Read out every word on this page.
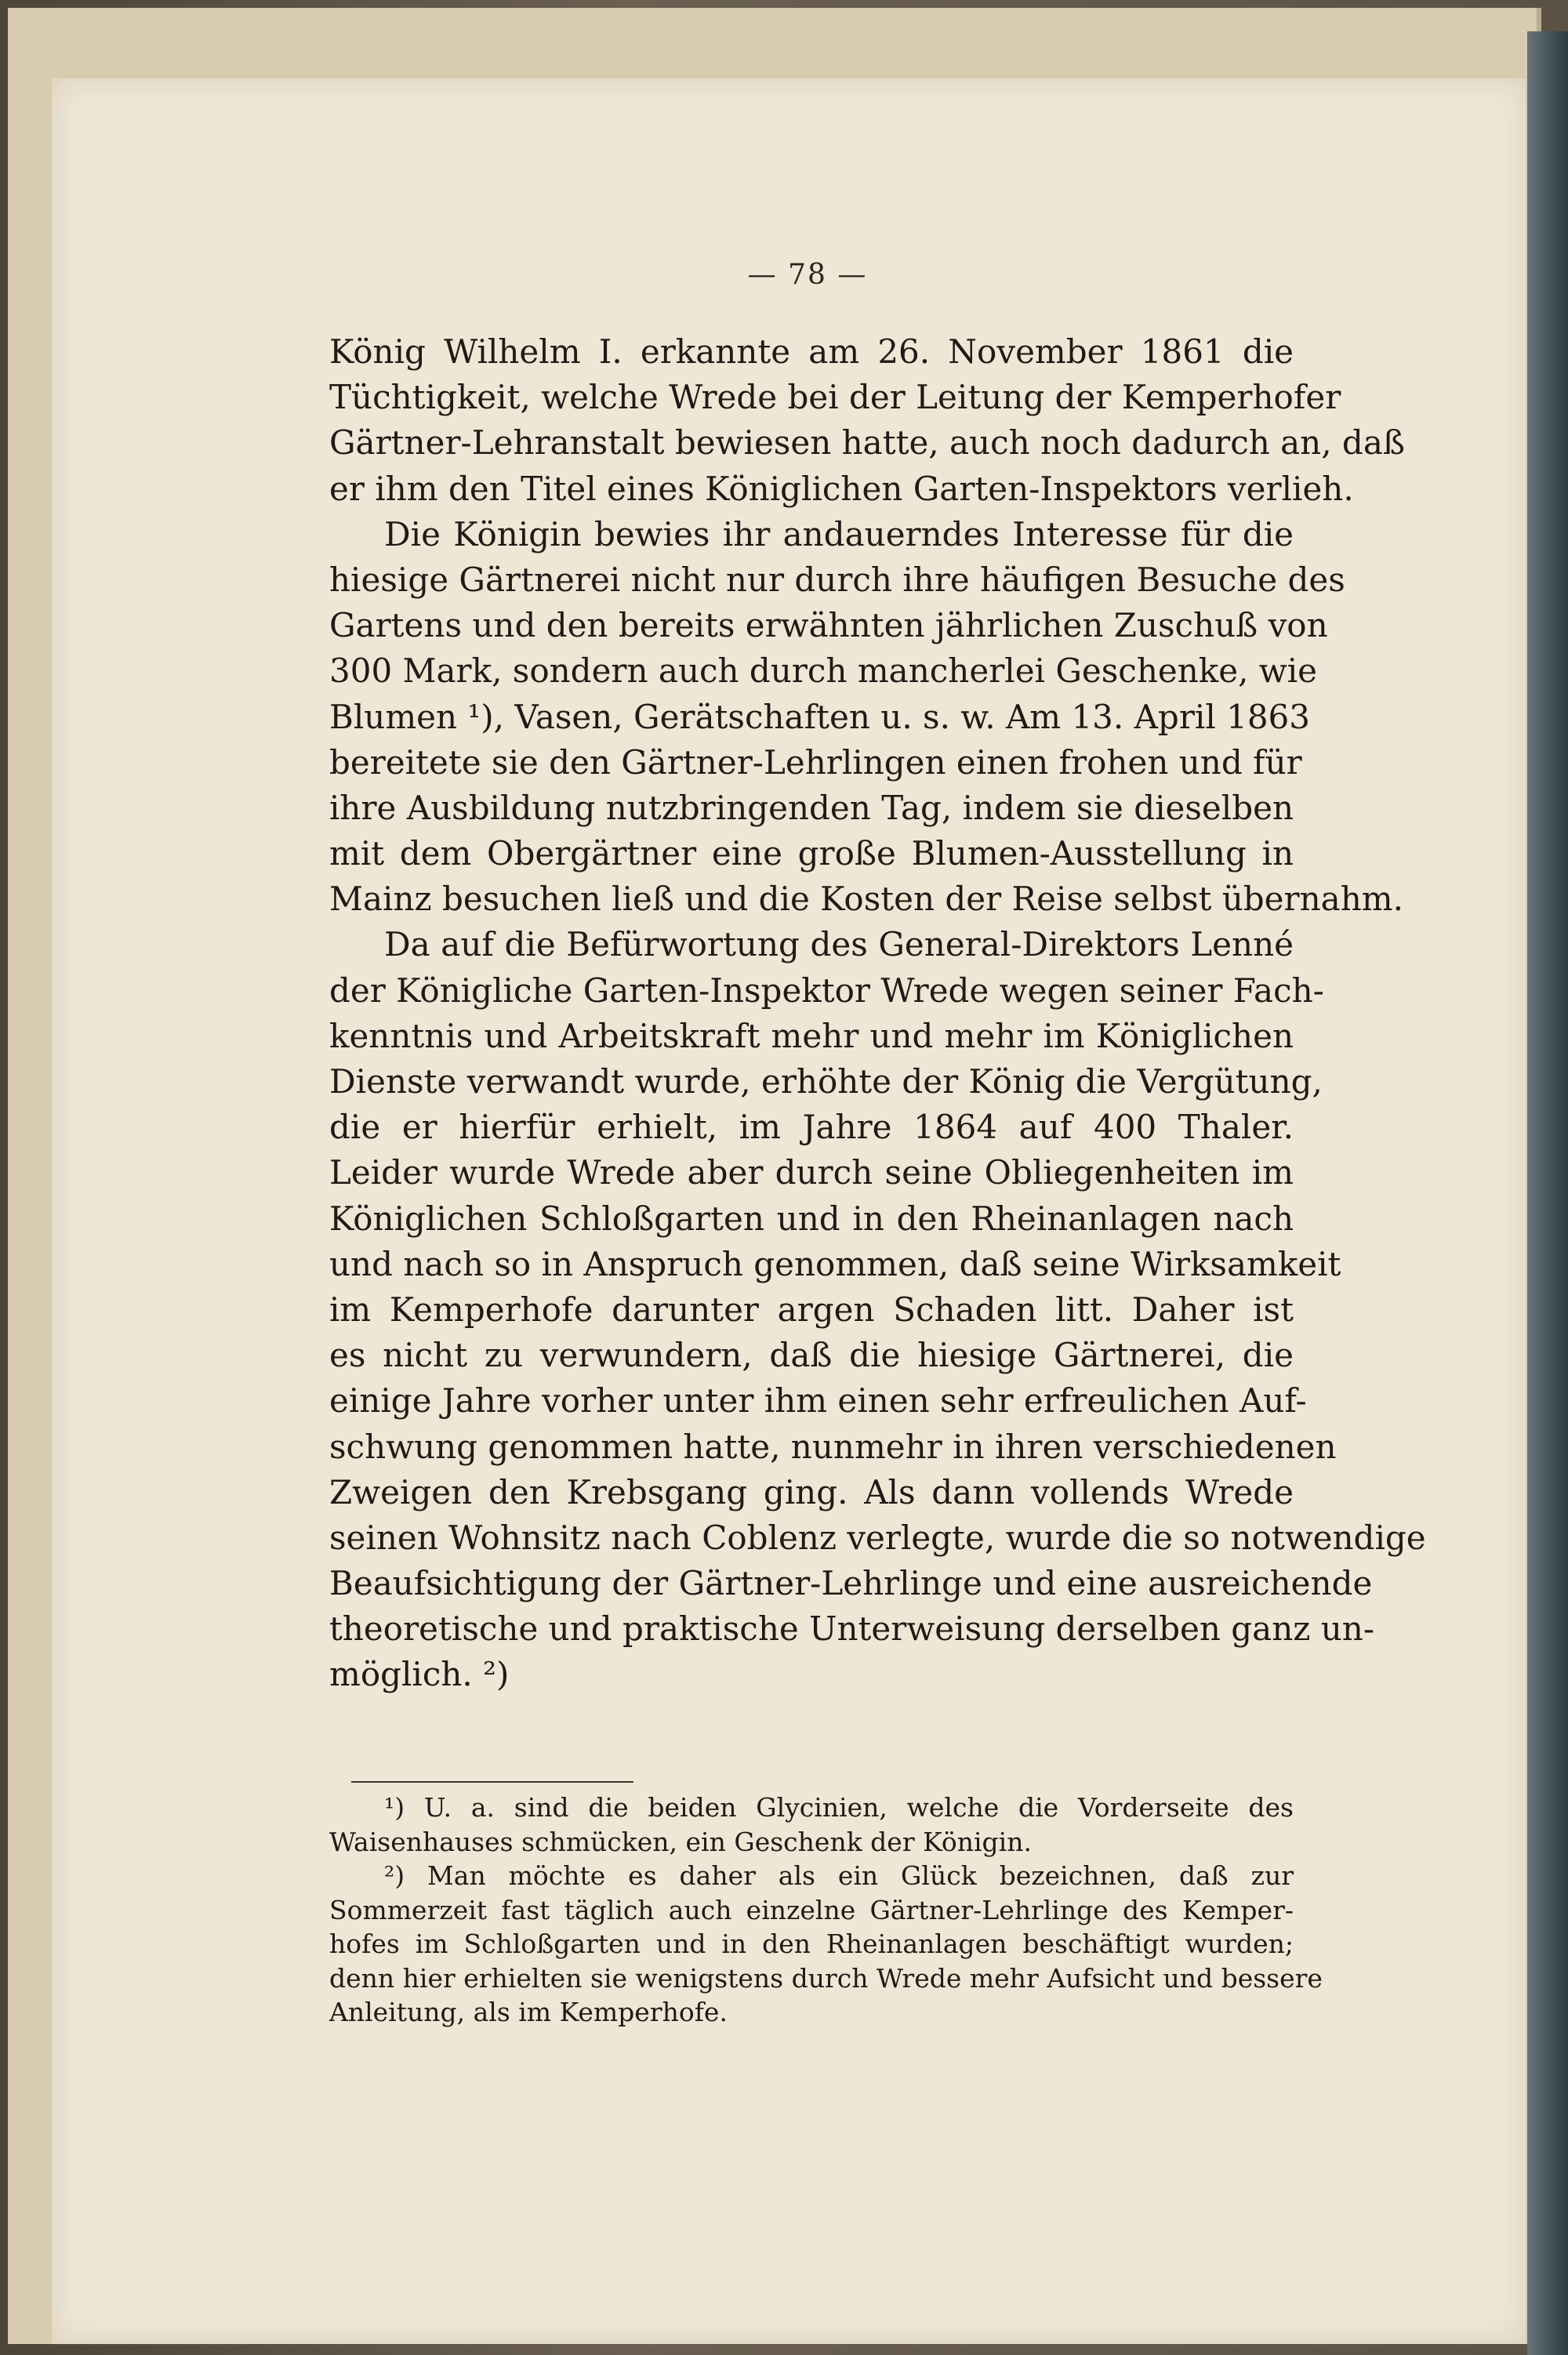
— 78 —
König Wilhelm I. erkannte am 26. November 1861 die
Tüchtigkeit, welche Wrede bei der Leitung der Kemperhofer
Gärtner-Lehranstalt bewiesen hatte, auch noch dadurch an, daß
er ihm den Titel eines Königlichen Garten-Inspektors verlieh.
Die Königin bewies ihr andauerndes Interesse für die
hiesige Gärtnerei nicht nur durch ihre häufigen Besuche des
Gartens und den bereits erwähnten jährlichen Zuschuß von
300 Mark, sondern auch durch mancherlei Geschenke, wie
Blumen ¹), Vasen, Gerätschaften u. s. w. Am 13. April 1863
bereitete sie den Gärtner-Lehrlingen einen frohen und für
ihre Ausbildung nutzbringenden Tag, indem sie dieselben
mit dem Obergärtner eine große Blumen-Ausstellung in
Mainz besuchen ließ und die Kosten der Reise selbst übernahm.
Da auf die Befürwortung des General-Direktors Lenné
der Königliche Garten-Inspektor Wrede wegen seiner Fach-
kenntnis und Arbeitskraft mehr und mehr im Königlichen
Dienste verwandt wurde, erhöhte der König die Vergütung,
die er hierfür erhielt, im Jahre 1864 auf 400 Thaler.
Leider wurde Wrede aber durch seine Obliegenheiten im
Königlichen Schloßgarten und in den Rheinanlagen nach
und nach so in Anspruch genommen, daß seine Wirksamkeit
im Kemperhofe darunter argen Schaden litt. Daher ist
es nicht zu verwundern, daß die hiesige Gärtnerei, die
einige Jahre vorher unter ihm einen sehr erfreulichen Auf-
schwung genommen hatte, nunmehr in ihren verschiedenen
Zweigen den Krebsgang ging. Als dann vollends Wrede
seinen Wohnsitz nach Coblenz verlegte, wurde die so notwendige
Beaufsichtigung der Gärtner-Lehrlinge und eine ausreichende
theoretische und praktische Unterweisung derselben ganz un-
möglich. ²)
¹) U. a. sind die beiden Glycinien, welche die Vorderseite des
Waisenhauses schmücken, ein Geschenk der Königin.
²) Man möchte es daher als ein Glück bezeichnen, daß zur
Sommerzeit fast täglich auch einzelne Gärtner-Lehrlinge des Kemper-
hofes im Schloßgarten und in den Rheinanlagen beschäftigt wurden;
denn hier erhielten sie wenigstens durch Wrede mehr Aufsicht und bessere
Anleitung, als im Kemperhofe.
